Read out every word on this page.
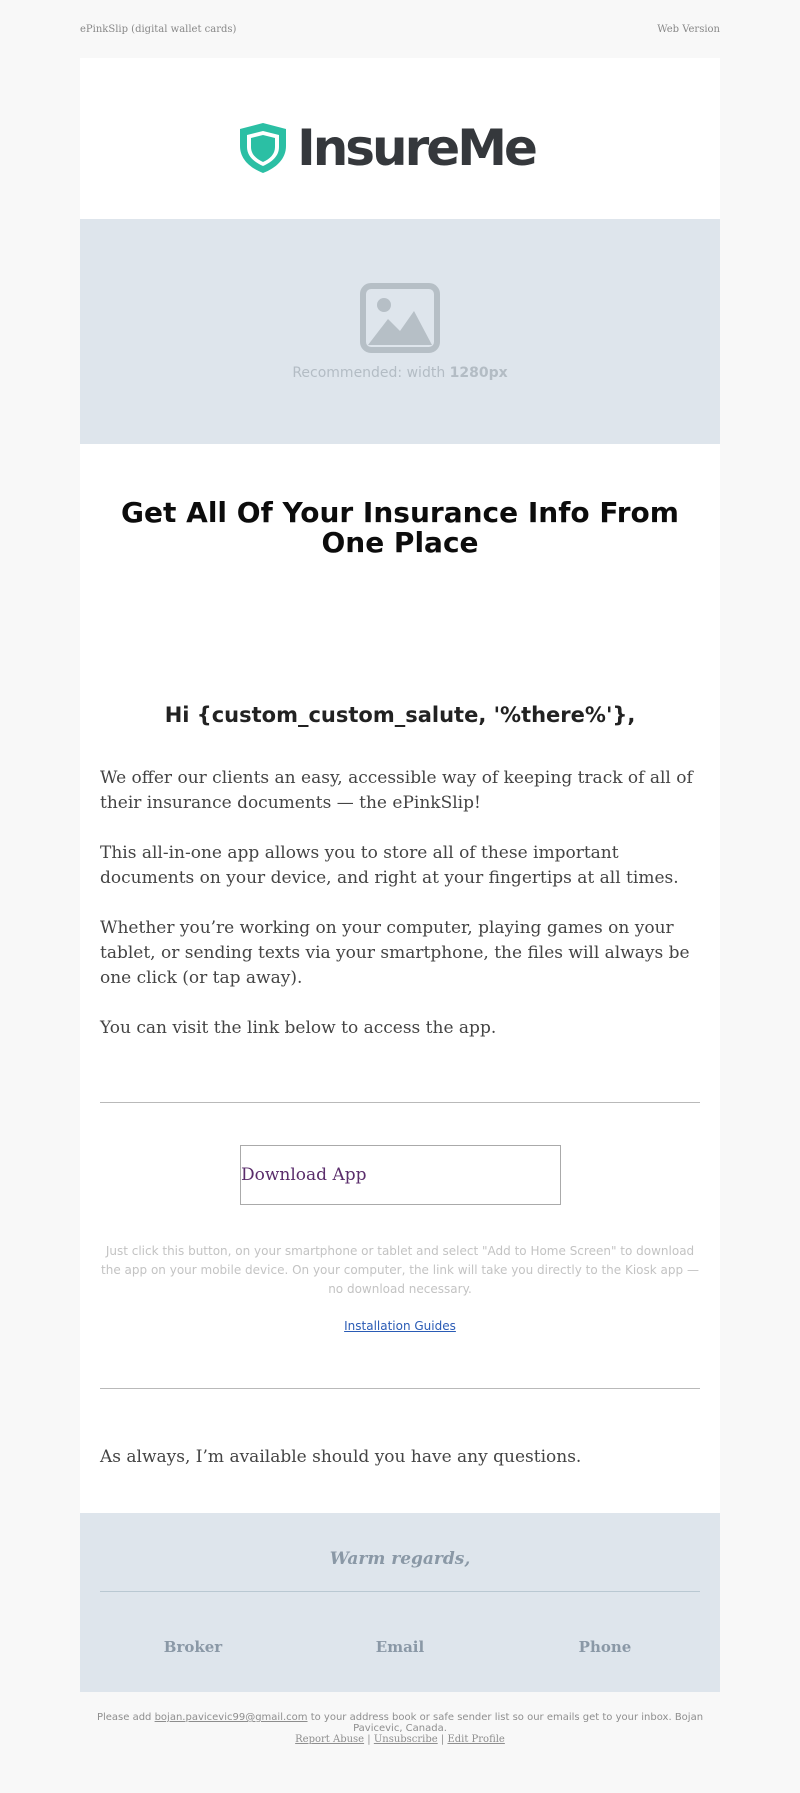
ePinkSlip (digital wallet cards)	Web Version
InsureMe
Recommended: width 1280px
Get All Of Your Insurance Info From One Place
Hi {custom_custom_salute, '%there%'},

We offer our clients an easy, accessible way of keeping track of all of their insurance documents — the ePinkSlip!

This all-in-one app allows you to store all of these important documents on your device, and right at your fingertips at all times.

Whether you’re working on your computer, playing games on your tablet, or sending texts via your smartphone, the files will always be one click (or tap away).

You can visit the link below to access the app.

Download App
Just click this button, on your smartphone or tablet and select "Add to Home Screen" to download the app on your mobile device. On your computer, the link will take you directly to the Kiosk app — no download necessary.
Installation Guides

As always, I’m available should you have any questions.

Warm regards,
Broker	Email	Phone
Please add bojan.pavicevic99@gmail.com to your address book or safe sender list so our emails get to your inbox. Bojan Pavicevic, Canada.
Report Abuse | Unsubscribe | Edit Profile
